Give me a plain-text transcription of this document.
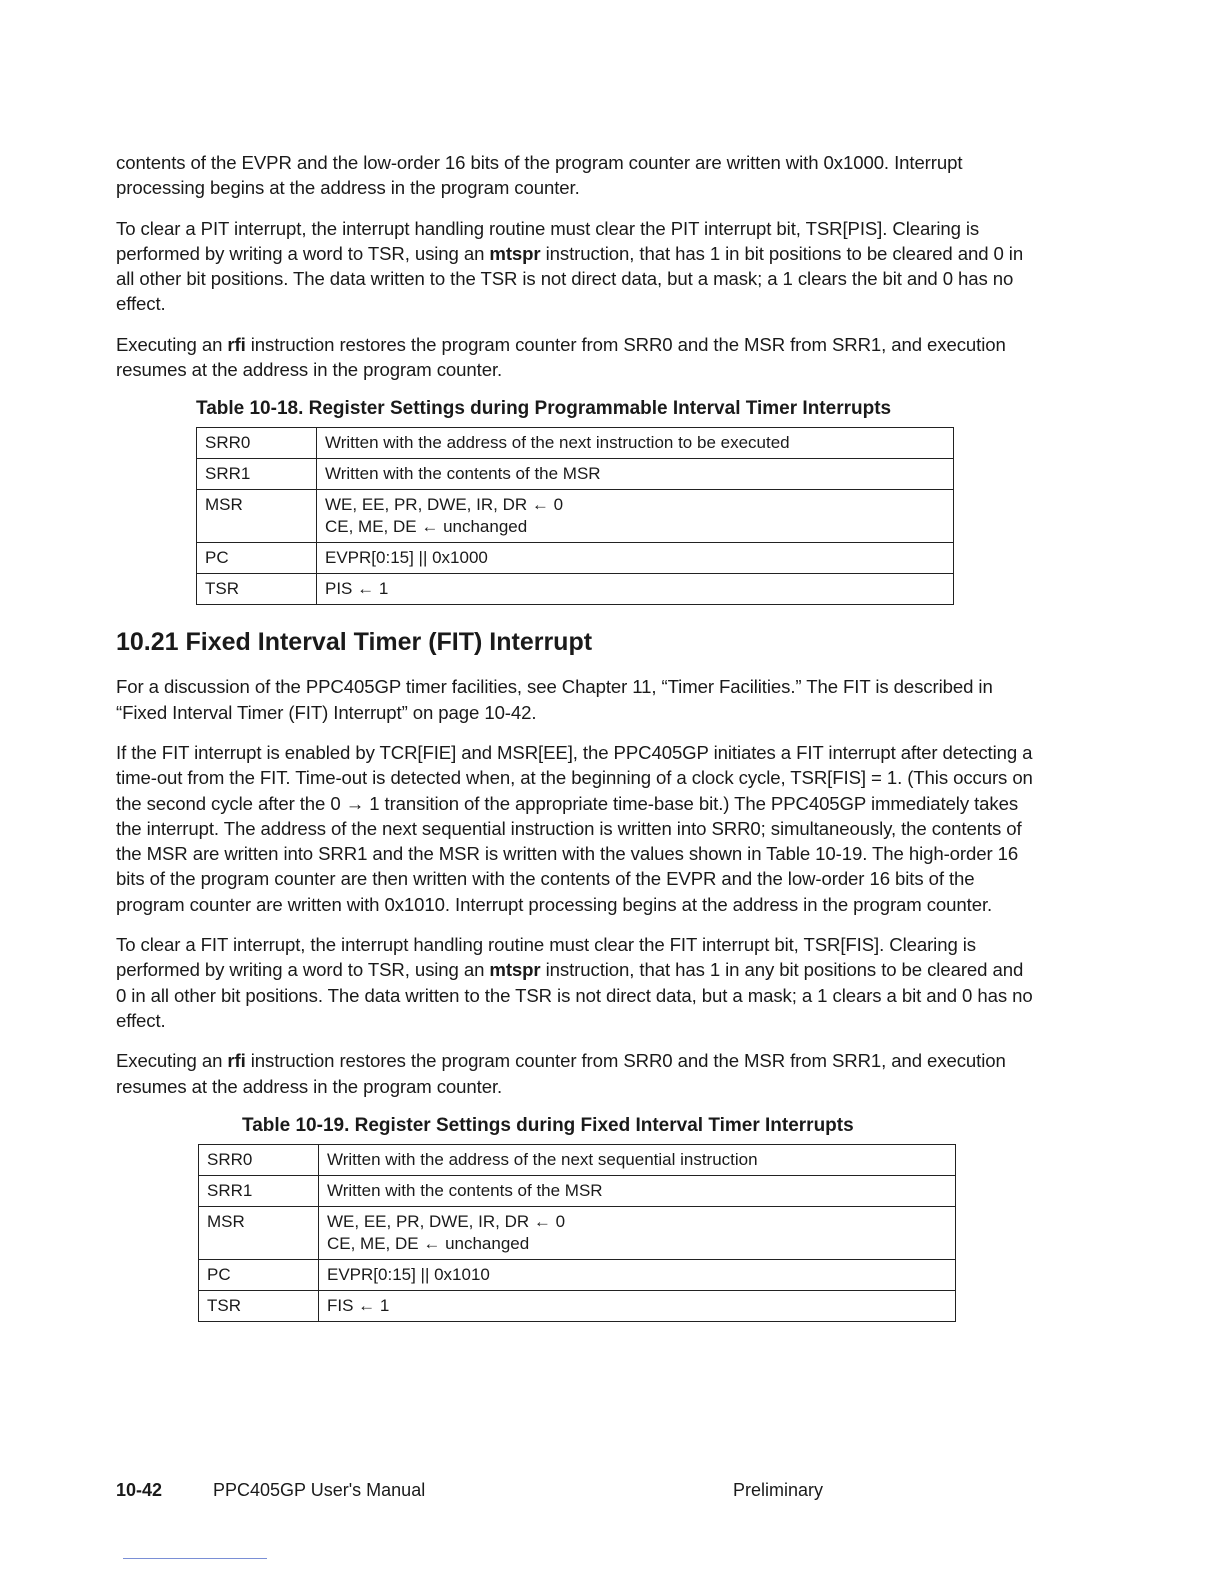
contents of the EVPR and the low-order 16 bits of the program counter are written with 0x1000. Interrupt processing begins at the address in the program counter.

To clear a PIT interrupt, the interrupt handling routine must clear the PIT interrupt bit, TSR[PIS]. Clearing is performed by writing a word to TSR, using an mtspr instruction, that has 1 in bit positions to be cleared and 0 in all other bit positions. The data written to the TSR is not direct data, but a mask; a 1 clears the bit and 0 has no effect.

Executing an rfi instruction restores the program counter from SRR0 and the MSR from SRR1, and execution resumes at the address in the program counter.

Table 10-18. Register Settings during Programmable Interval Timer Interrupts
SRR0	Written with the address of the next instruction to be executed

SRR1	Written with the contents of the MSR

MSR	WE, EE, PR, DWE, IR, DR ← 0
CE, ME, DE ← unchanged

PC	EVPR[0:15] || 0x1000

TSR	PIS ← 1
10.21 Fixed Interval Timer (FIT) Interrupt

For a discussion of the PPC405GP timer facilities, see Chapter 11, “Timer Facilities.” The FIT is described in “Fixed Interval Timer (FIT) Interrupt” on page 10-42.

If the FIT interrupt is enabled by TCR[FIE] and MSR[EE], the PPC405GP initiates a FIT interrupt after detecting a time-out from the FIT. Time-out is detected when, at the beginning of a clock cycle, TSR[FIS] = 1. (This occurs on the second cycle after the 0 → 1 transition of the appropriate time-base bit.) The PPC405GP immediately takes the interrupt. The address of the next sequential instruction is written into SRR0; simultaneously, the contents of the MSR are written into SRR1 and the MSR is written with the values shown in Table 10-19. The high-order 16 bits of the program counter are then written with the contents of the EVPR and the low-order 16 bits of the program counter are written with 0x1010. Interrupt processing begins at the address in the program counter.

To clear a FIT interrupt, the interrupt handling routine must clear the FIT interrupt bit, TSR[FIS]. Clearing is performed by writing a word to TSR, using an mtspr instruction, that has 1 in any bit positions to be cleared and 0 in all other bit positions. The data written to the TSR is not direct data, but a mask; a 1 clears a bit and 0 has no effect.

Executing an rfi instruction restores the program counter from SRR0 and the MSR from SRR1, and execution resumes at the address in the program counter.

Table 10-19. Register Settings during Fixed Interval Timer Interrupts
SRR0	Written with the address of the next sequential instruction

SRR1	Written with the contents of the MSR

MSR	WE, EE, PR, DWE, IR, DR ← 0
CE, ME, DE ← unchanged

PC	EVPR[0:15] || 0x1010

TSR	FIS ← 1
10-42	PPC405GP User's Manual	Preliminary
